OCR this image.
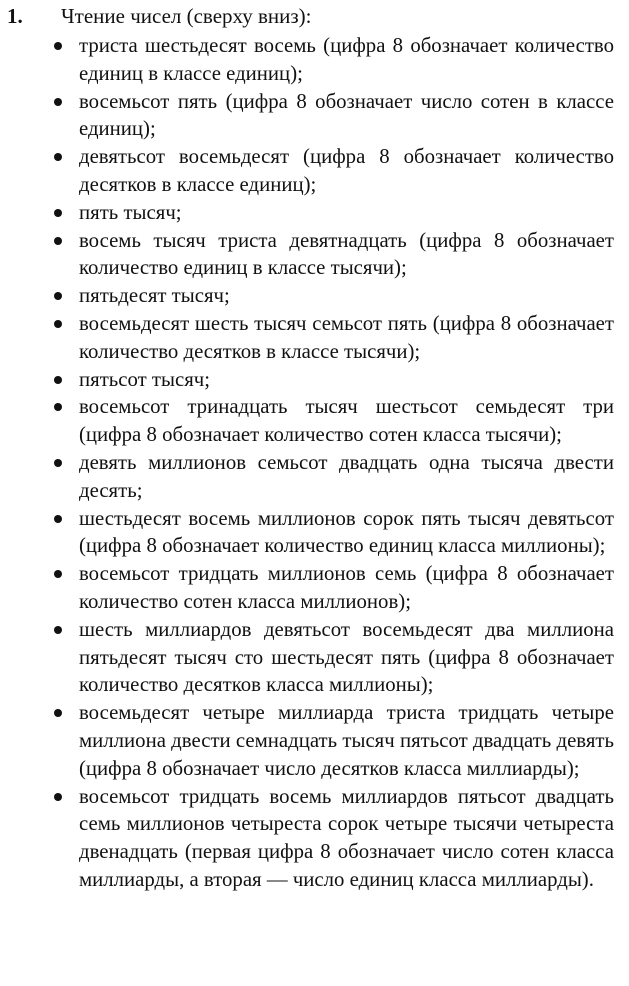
1. Чтение чисел (сверху вниз):
триста шестьдесят восемь (цифра 8 обозначает количество единиц в классе единиц);
восемьсот пять (цифра 8 обозначает число сотен в классе единиц);
девятьсот восемьдесят (цифра 8 обозначает количество десятков в классе единиц);
пять тысяч;
восемь тысяч триста девятнадцать (цифра 8 обозначает количество единиц в классе тысячи);
пятьдесят тысяч;
восемьдесят шесть тысяч семьсот пять (цифра 8 обозначает количество десятков в классе тысячи);
пятьсот тысяч;
восемьсот тринадцать тысяч шестьсот семьдесят три (цифра 8 обозначает количество сотен класса тысячи);
девять миллионов семьсот двадцать одна тысяча двести десять;
шестьдесят восемь миллионов сорок пять тысяч девятьсот (цифра 8 обозначает количество единиц класса миллионы);
восемьсот тридцать миллионов семь (цифра 8 обозначает количество сотен класса миллионов);
шесть миллиардов девятьсот восемьдесят два миллиона пятьдесят тысяч сто шестьдесят пять (цифра 8 обозначает количество десятков класса миллионы);
восемьдесят четыре миллиарда триста тридцать четыре миллиона двести семнадцать тысяч пятьсот двадцать девять (цифра 8 обозначает число десятков класса миллиарды);
восемьсот тридцать восемь миллиардов пятьсот двадцать семь миллионов четыреста сорок четыре тысячи четыреста двенадцать (первая цифра 8 обозначает число сотен класса миллиарды, а вторая — число единиц класса миллиарды).
